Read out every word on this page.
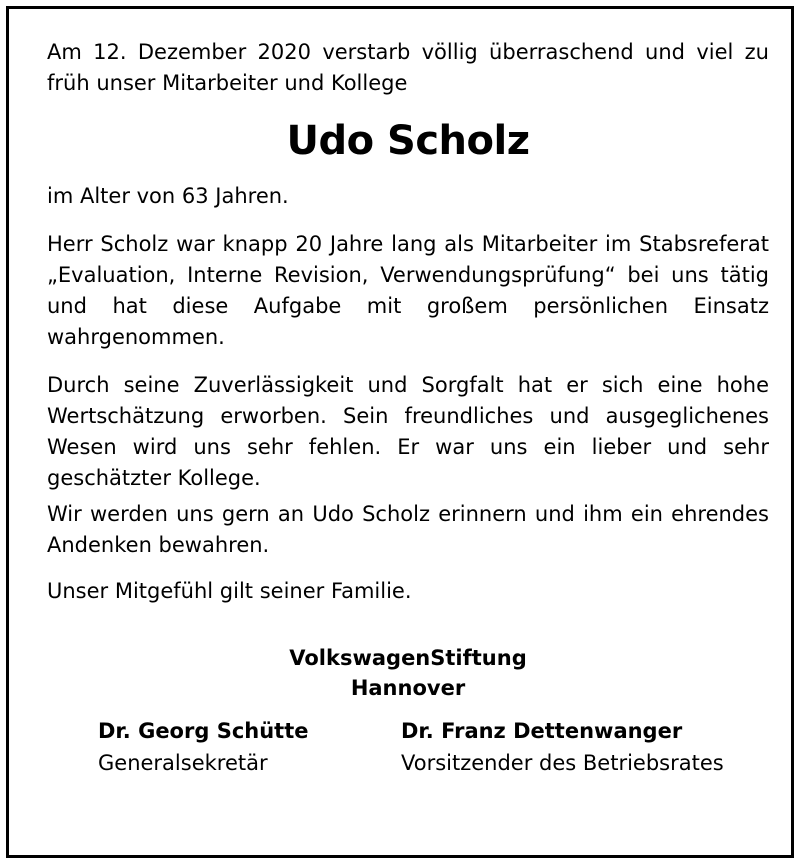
Am 12. Dezember 2020 verstarb völlig überraschend und viel zu früh unser Mitarbeiter und Kollege

Udo Scholz

im Alter von 63 Jahren.

Herr Scholz war knapp 20 Jahre lang als Mitarbeiter im Stabsreferat „Evaluation, Interne Revision, Verwendungsprüfung“ bei uns tätig und hat diese Aufgabe mit großem persönlichen Einsatz wahrgenommen.

Durch seine Zuverlässigkeit und Sorgfalt hat er sich eine hohe Wertschätzung erworben. Sein freundliches und ausgeglichenes Wesen wird uns sehr fehlen. Er war uns ein lieber und sehr geschätzter Kollege.

Wir werden uns gern an Udo Scholz erinnern und ihm ein ehrendes Andenken bewahren.

Unser Mitgefühl gilt seiner Familie.

VolkswagenStiftung
Hannover
Dr. Georg Schütte
Generalsekretär
Dr. Franz Dettenwanger
Vorsitzender des Betriebsrates
